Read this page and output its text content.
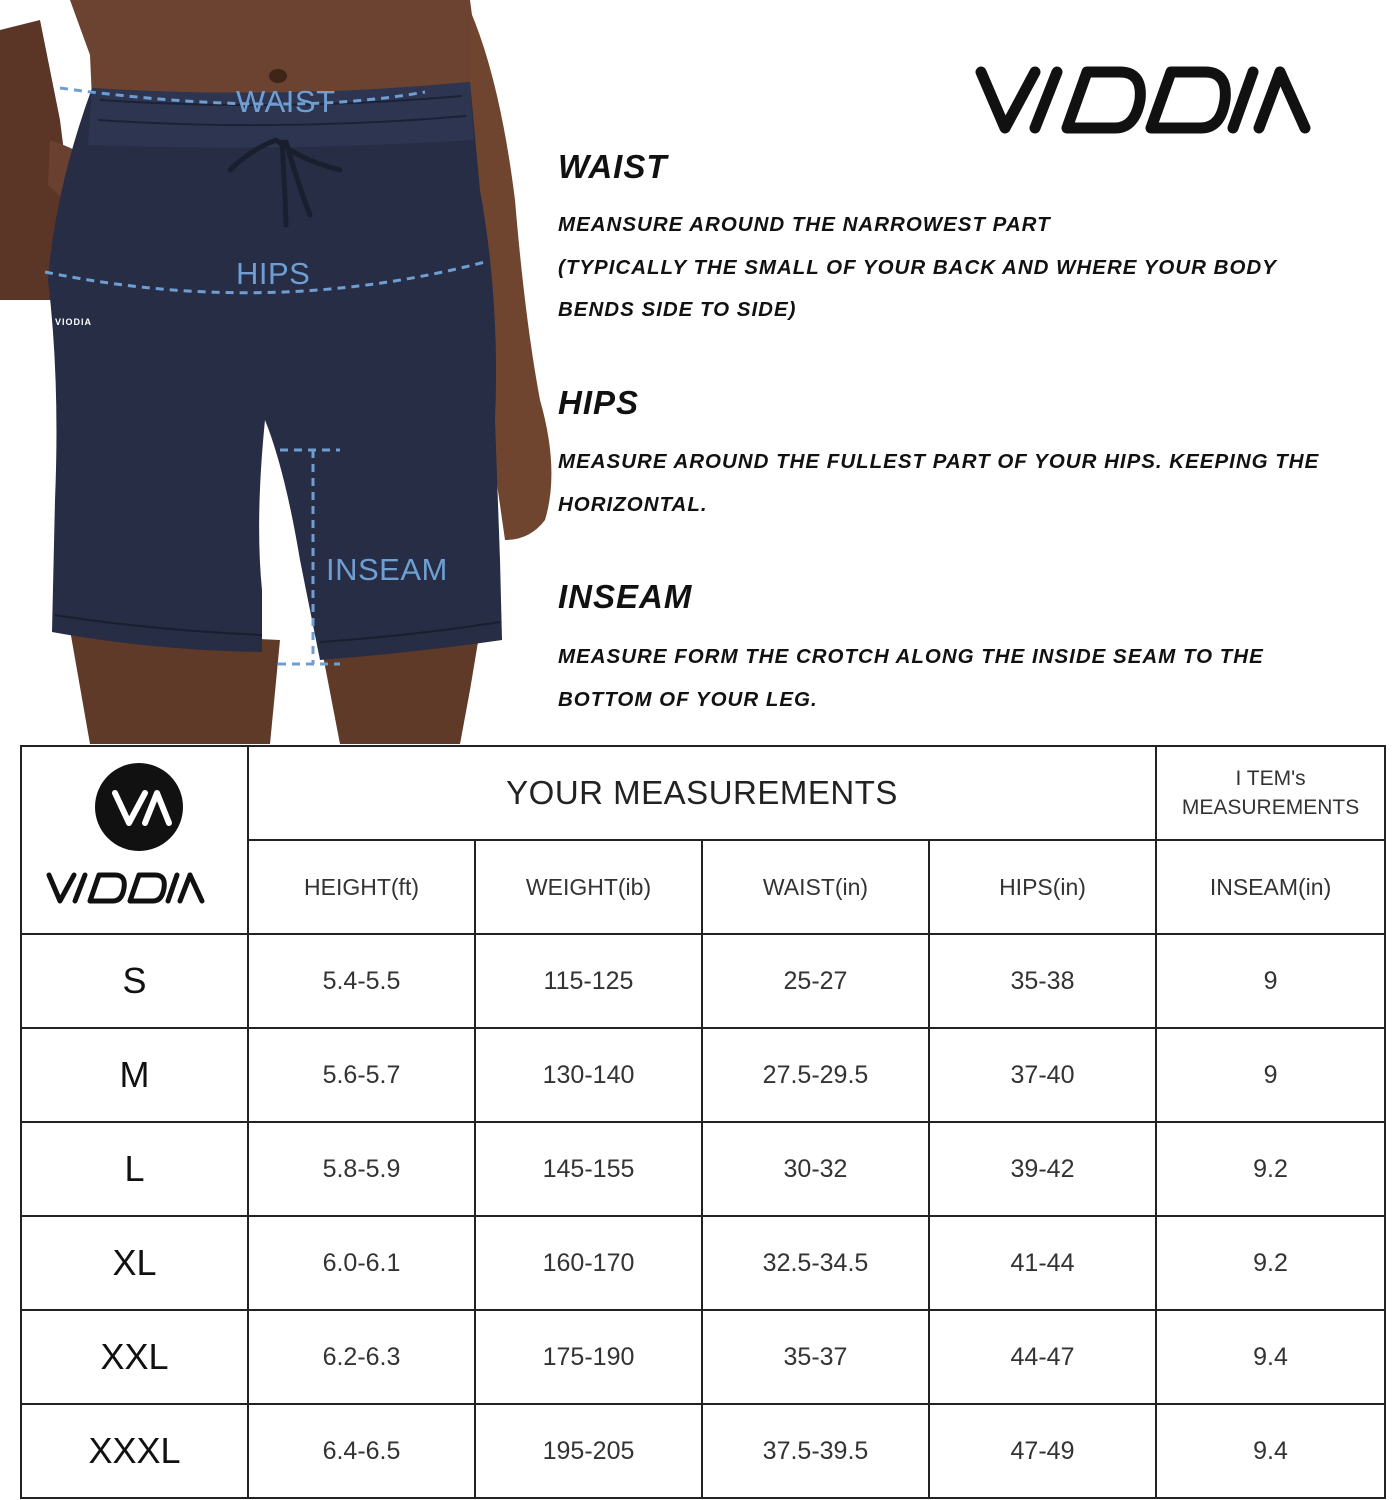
WAIST
HIPS
INSEAM
VIODIA
WAIST
MEANSURE AROUND THE NARROWEST PART
(TYPICALLY THE SMALL OF YOUR BACK AND WHERE YOUR BODY
BENDS SIDE TO SIDE)
HIPS
MEASURE AROUND THE FULLEST PART OF YOUR HIPS. KEEPING THE
HORIZONTAL.
INSEAM
MEASURE FORM THE CROTCH ALONG THE INSIDE SEAM TO THE
BOTTOM OF YOUR LEG.
	YOUR MEASUREMENTS				I TEM's
MEASUREMENTS

	HEIGHT(ft)	WEIGHT(ib)	WAIST(in)	HIPS(in)	INSEAM(in)
S	5.4-5.5	115-125	25-27	35-38	9
M	5.6-5.7	130-140	27.5-29.5	37-40	9
L	5.8-5.9	145-155	30-32	39-42	9.2
XL	6.0-6.1	160-170	32.5-34.5	41-44	9.2
XXL	6.2-6.3	175-190	35-37	44-47	9.4
XXXL	6.4-6.5	195-205	37.5-39.5	47-49	9.4
